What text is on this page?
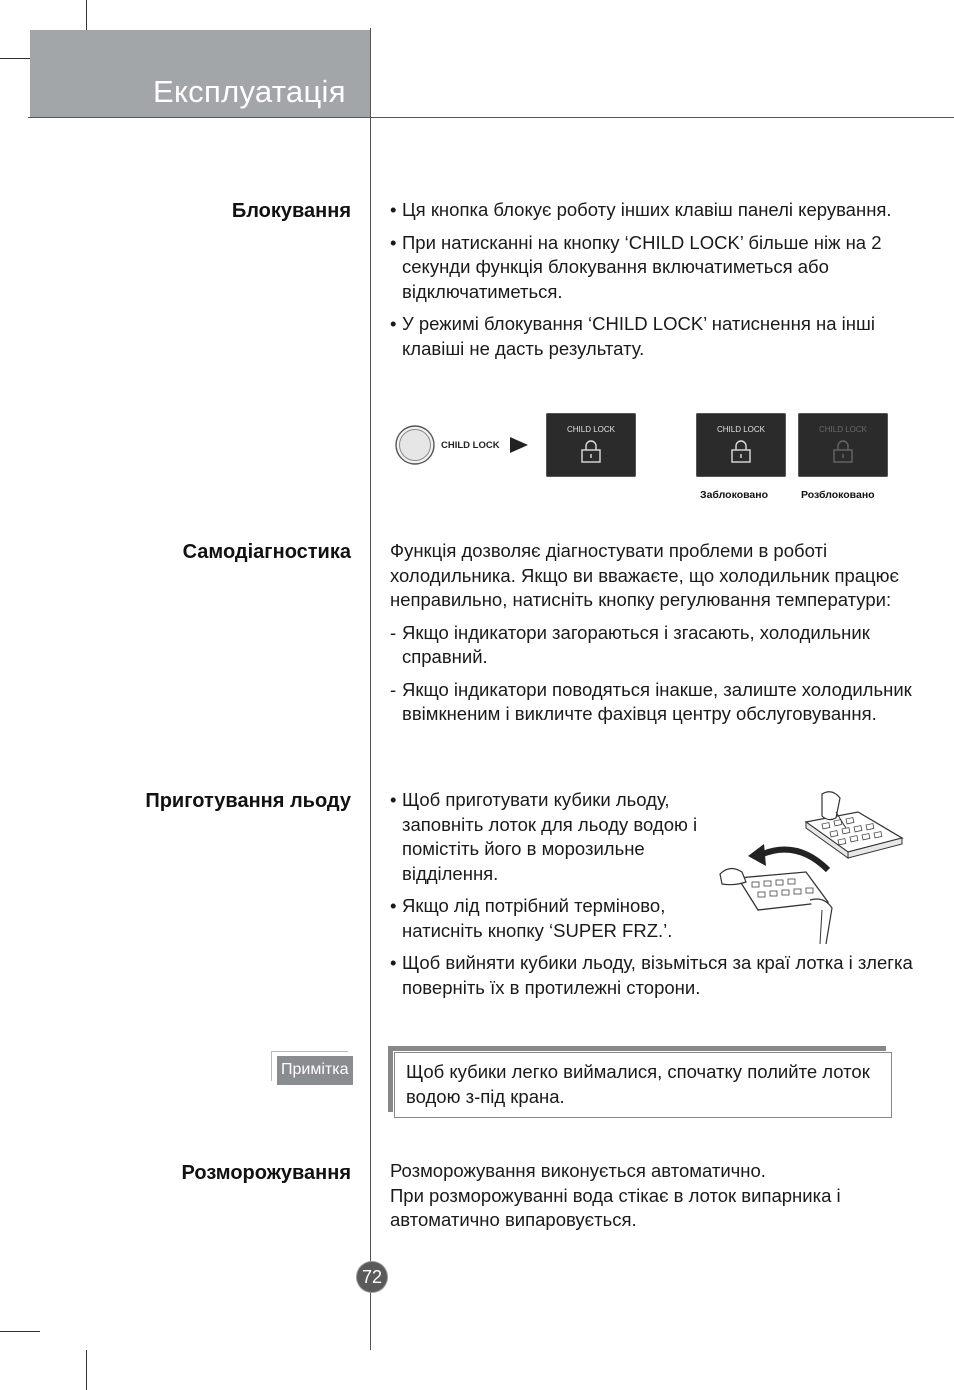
Експлуатація
Блокування	• Ця кнопка блокує роботу інших клавіш панелі керування.
• При натисканні на кнопку ‘CHILD LOCK’ більше ніж на 2 секунди функція блокування включатиметься або відключатиметься.
• У режимі блокування ‘CHILD LOCK’ натиснення на інші клавіші не дасть результату.
CHILD LOCK
CHILD LOCK	CHILD LOCK	CHILD LOCK
Заблоковано	Розблоковано
Самодіагностика Функція дозволяє діагностувати проблеми в роботі холодильника. Якщо ви вважаєте, що холодильник працює неправильно, натисніть кнопку регулювання температури:
- Якщо індикатори загораються і згасають, холодильник справний.
- Якщо індикатори поводяться інакше, залиште холодильник ввімкненим і викличте фахівця центру обслуговування.
Приготування льоду	• Щоб приготувати кубики льоду, заповніть лоток для льоду водою і помістіть його в морозильне відділення.
• Якщо лід потрібний терміново, натисніть кнопку ‘SUPER FRZ.’.
• Щоб вийняти кубики льоду, візьміться за краї лотка і злегка поверніть їх в протилежні сторони.
Примітка	Щоб кубики легко виймалися, спочатку полийте лоток водою з-під крана.
Розморожування Розморожування виконується автоматично.
При розморожуванні вода стікає в лоток випарника і автоматично випаровується.
72
